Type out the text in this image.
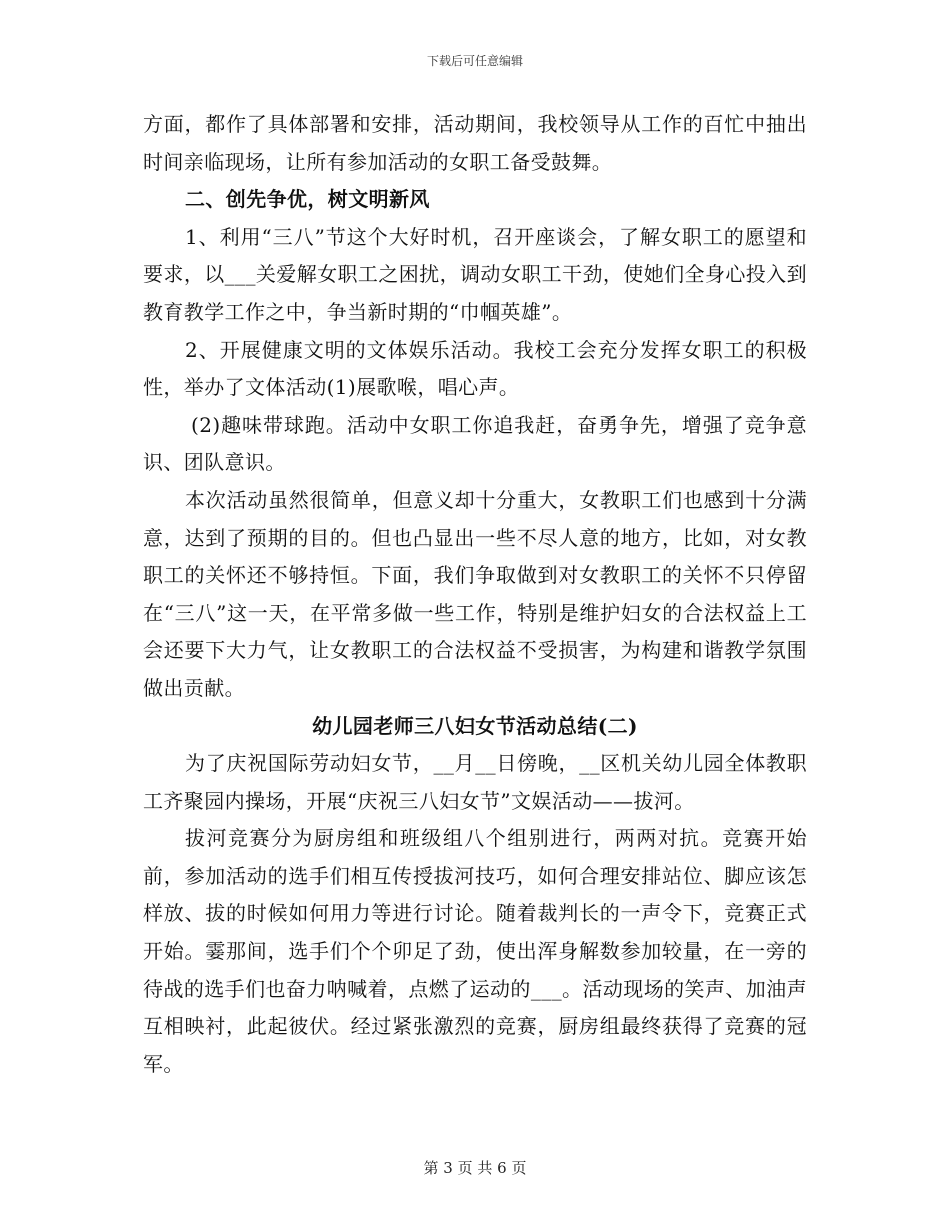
下载后可任意编辑

方面，都作了具体部署和安排，活动期间，我校领导从工作的百忙中抽出时间亲临现场，让所有参加活动的女职工备受鼓舞。

二、创先争优，树文明新风

1、利用“三八”节这个大好时机，召开座谈会，了解女职工的愿望和要求，以___关爱解女职工之困扰，调动女职工干劲，使她们全身心投入到教育教学工作之中，争当新时期的“巾帼英雄”。

2、开展健康文明的文体娱乐活动。我校工会充分发挥女职工的积极性，举办了文体活动(1)展歌喉，唱心声。

(2)趣味带球跑。活动中女职工你追我赶，奋勇争先，增强了竞争意识、团队意识。

本次活动虽然很简单，但意义却十分重大，女教职工们也感到十分满意，达到了预期的目的。但也凸显出一些不尽人意的地方，比如，对女教职工的关怀还不够持恒。下面，我们争取做到对女教职工的关怀不只停留在“三八”这一天，在平常多做一些工作，特别是维护妇女的合法权益上工会还要下大力气，让女教职工的合法权益不受损害，为构建和谐教学氛围做出贡献。

幼儿园老师三八妇女节活动总结(二)

为了庆祝国际劳动妇女节，__月__日傍晚，__区机关幼儿园全体教职工齐聚园内操场，开展“庆祝三八妇女节”文娱活动——拔河。

拔河竞赛分为厨房组和班级组八个组别进行，两两对抗。竞赛开始前，参加活动的选手们相互传授拔河技巧，如何合理安排站位、脚应该怎样放、拔的时候如何用力等进行讨论。随着裁判长的一声令下，竞赛正式开始。霎那间，选手们个个卯足了劲，使出浑身解数参加较量，在一旁的待战的选手们也奋力呐喊着，点燃了运动的___。活动现场的笑声、加油声互相映衬，此起彼伏。经过紧张激烈的竞赛，厨房组最终获得了竞赛的冠军。

第 3 页 共 6 页
